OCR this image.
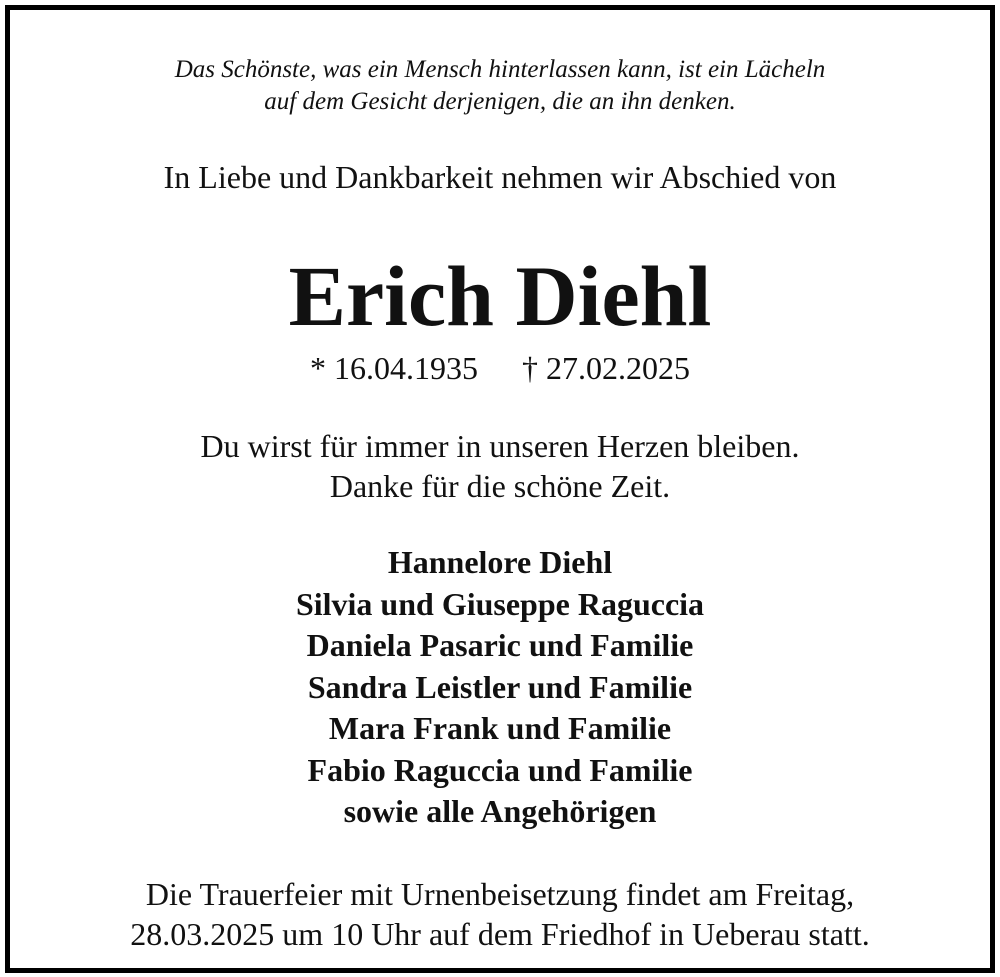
Das Schönste, was ein Mensch hinterlassen kann, ist ein Lächeln
auf dem Gesicht derjenigen, die an ihn denken.
In Liebe und Dankbarkeit nehmen wir Abschied von
Erich Diehl
* 16.04.1935 † 27.02.2025
Du wirst für immer in unseren Herzen bleiben.
Danke für die schöne Zeit.
Hannelore Diehl
Silvia und Giuseppe Raguccia
Daniela Pasaric und Familie
Sandra Leistler und Familie
Mara Frank und Familie
Fabio Raguccia und Familie
sowie alle Angehörigen
Die Trauerfeier mit Urnenbeisetzung findet am Freitag,
28.03.2025 um 10 Uhr auf dem Friedhof in Ueberau statt.
